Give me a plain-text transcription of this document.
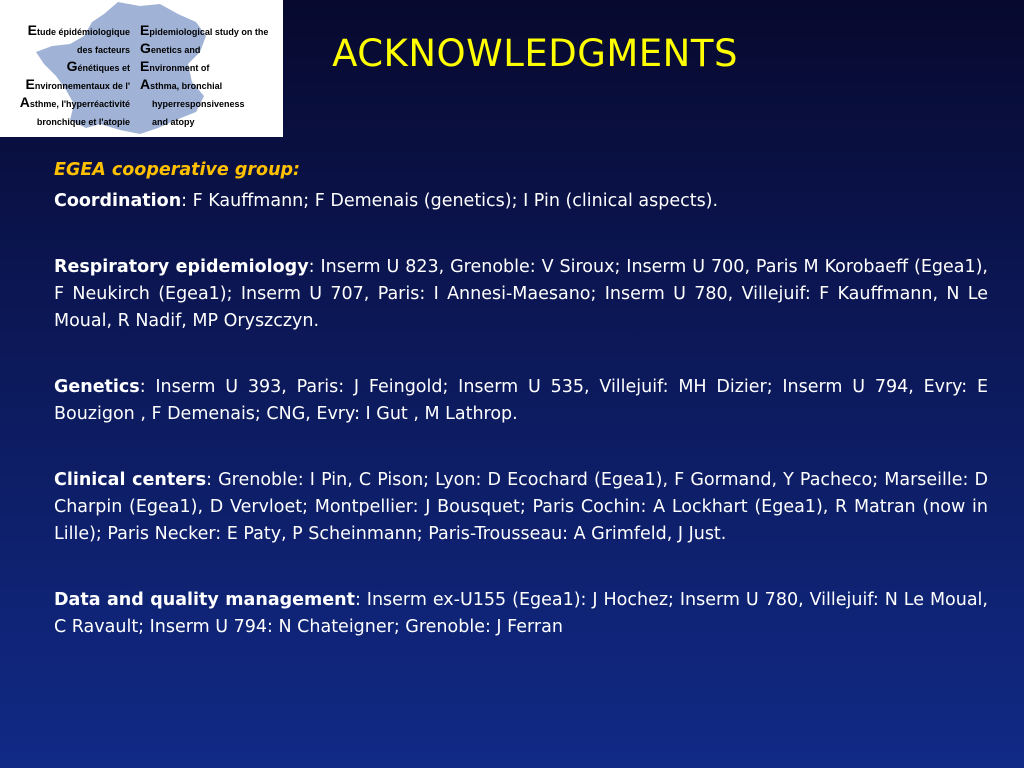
Etude épidémiologique
des facteurs
Génétiques et
Environnementaux de l'
Asthme, l'hyperréactivité
bronchique et l'atopie
Epidemiological study on the
Genetics and
Environment of
Asthma, bronchial
hyperresponsiveness
and atopy
ACKNOWLEDGMENTS

EGEA cooperative group:

Coordination: F Kauffmann; F Demenais (genetics); I Pin (clinical aspects).

Respiratory epidemiology: Inserm U 823, Grenoble: V Siroux; Inserm U 700, Paris M Korobaeff (Egea1), F Neukirch (Egea1); Inserm U 707, Paris: I Annesi-Maesano; Inserm U 780, Villejuif: F Kauffmann, N Le Moual, R Nadif, MP Oryszczyn.

Genetics: Inserm U 393, Paris: J Feingold; Inserm U 535, Villejuif: MH Dizier; Inserm U 794, Evry: E Bouzigon , F Demenais; CNG, Evry: I Gut , M Lathrop.

Clinical centers: Grenoble: I Pin, C Pison; Lyon: D Ecochard (Egea1), F Gormand, Y Pacheco; Marseille: D Charpin (Egea1), D Vervloet; Montpellier: J Bousquet; Paris Cochin: A Lockhart (Egea1), R Matran (now in Lille); Paris Necker: E Paty, P Scheinmann; Paris-Trousseau: A Grimfeld, J Just.

Data and quality management: Inserm ex-U155 (Egea1): J Hochez; Inserm U 780, Villejuif: N Le Moual, C Ravault; Inserm U 794: N Chateigner; Grenoble: J Ferran
